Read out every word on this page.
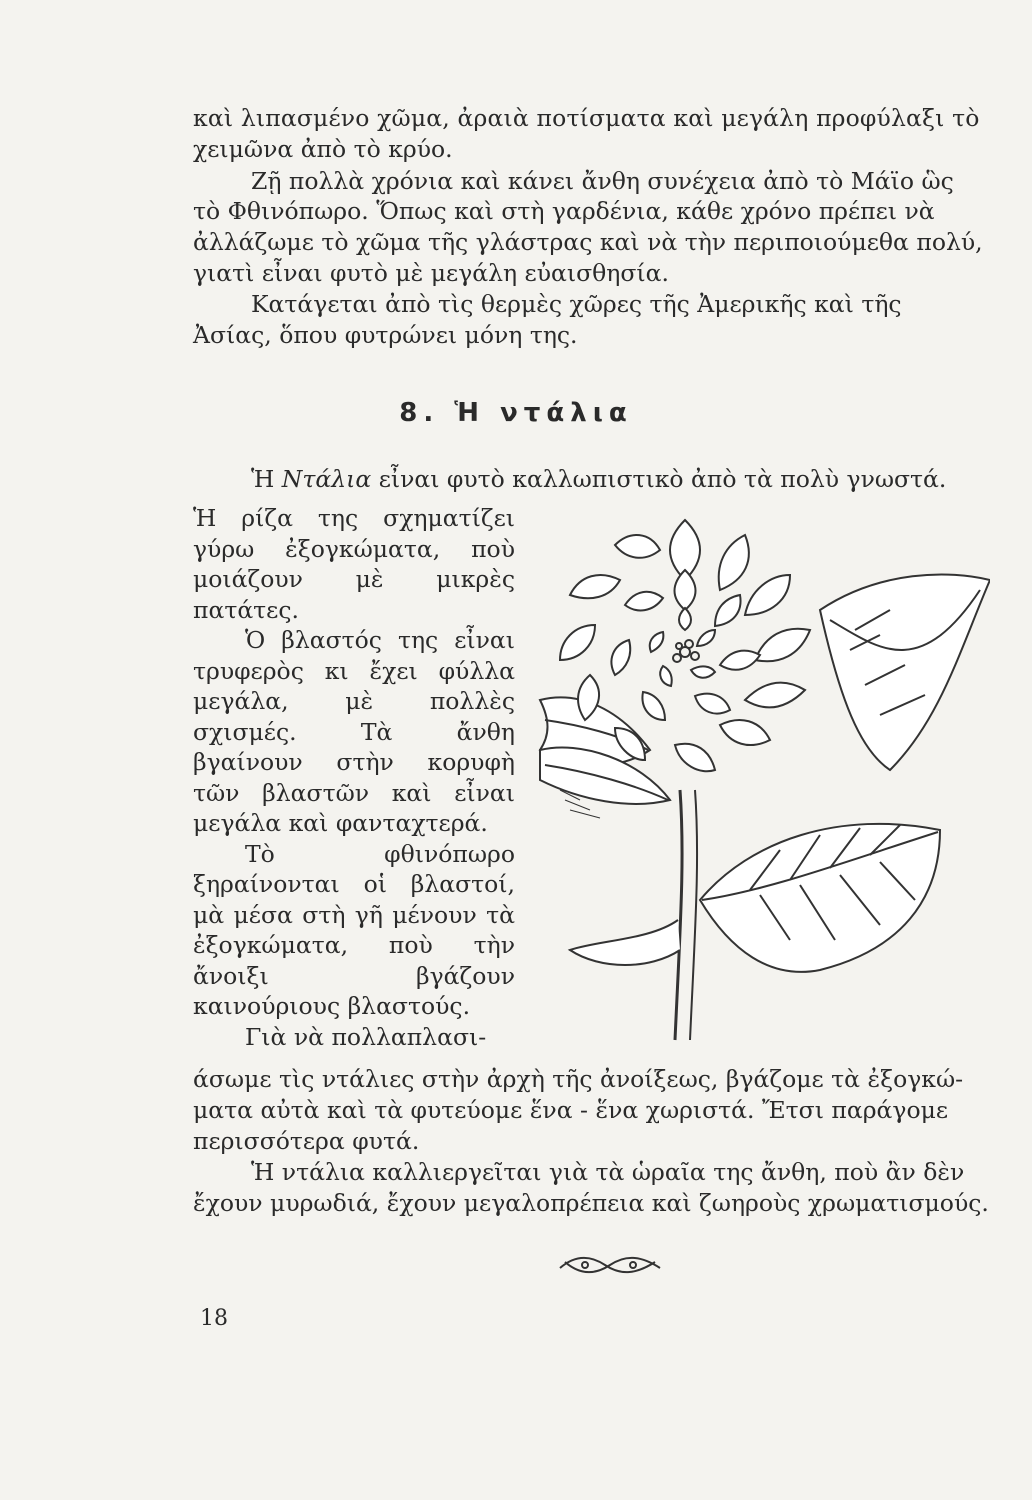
καὶ λιπασμένο χῶμα, ἀραιὰ ποτίσματα καὶ μεγάλη προφύλαξι τὸ
χειμῶνα ἀπὸ τὸ κρύο.
Ζῇ πολλὰ χρόνια καὶ κάνει ἄνθη συνέχεια ἀπὸ τὸ Μάϊο ὣς
τὸ Φθινόπωρο. Ὅπως καὶ στὴ γαρδένια, κάθε χρόνο πρέπει νὰ
ἀλλάζωμε τὸ χῶμα τῆς γλάστρας καὶ νὰ τὴν περιποιούμεθα πολύ,
γιατὶ εἶναι φυτὸ μὲ μεγάλη εὐαισθησία.
Κατάγεται ἀπὸ τὶς θερμὲς χῶρες τῆς Ἀμερικῆς καὶ τῆς
Ἀσίας, ὅπου φυτρώνει μόνη της.
8. Ἡ ντάλια
Ἡ Ντάλια εἶναι φυτὸ καλλωπιστικὸ ἀπὸ τὰ πολὺ γνωστά.

Ἡ ρίζα της σχηματίζει γύρω ἐξογκώματα, ποὺ μοιάζουν μὲ μικρὲς πατάτες.

Ὁ βλαστός της εἶναι τρυφερὸς κι ἔχει φύλλα μεγάλα, μὲ πολλὲς σχισμές. Τὰ ἄνθη βγαίνουν στὴν κορυφὴ τῶν βλαστῶν καὶ εἶναι μεγάλα καὶ φανταχτερά.

Τὸ φθινόπωρο ξηραίνονται οἱ βλαστοί, μὰ μέσα στὴ γῆ μένουν τὰ ἐξογκώματα, ποὺ τὴν ἄνοιξι βγάζουν καινούριους βλαστούς.

Γιὰ νὰ πολλαπλασι-

άσωμε τὶς ντάλιες στὴν ἀρχὴ τῆς ἀνοίξεως, βγάζομε τὰ ἐξογκώ-
ματα αὐτὰ καὶ τὰ φυτεύομε ἕνα - ἕνα χωριστά. Ἔτσι παράγομε
περισσότερα φυτά.
Ἡ ντάλια καλλιεργεῖται γιὰ τὰ ὡραῖα της ἄνθη, ποὺ ἂν δὲν
ἔχουν μυρωδιά, ἔχουν μεγαλοπρέπεια καὶ ζωηροὺς χρωματισμούς.
18
